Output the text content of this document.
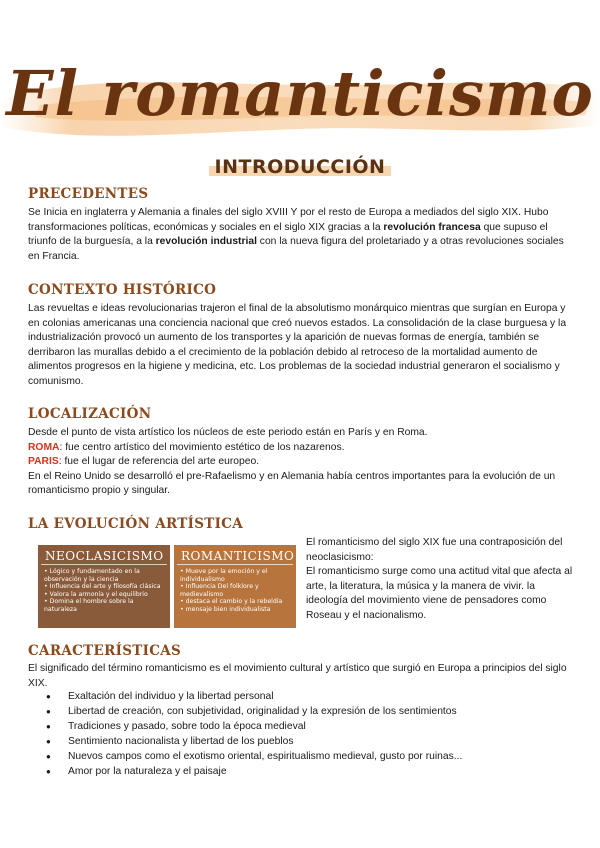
El romanticismo
INTRODUCCIÓN
PRECEDENTES
Se Inicia en inglaterra y Alemania a finales del siglo XVIII Y por el resto de Europa a mediados del siglo XIX. Hubo transformaciones políticas, económicas y sociales en el siglo XIX gracias a la revolución francesa que supuso el triunfo de la burguesía, a la revolución industrial con la nueva figura del proletariado y a otras revoluciones sociales en Francia.
CONTEXTO HISTÓRICO
Las revueltas e ideas revolucionarias trajeron el final de la absolutismo monárquico mientras que surgían en Europa y en colonias americanas una conciencia nacional que creó nuevos estados. La consolidación de la clase burguesa y la industrialización provocó un aumento de los transportes y la aparición de nuevas formas de energía, también se derribaron las murallas debido a el crecimiento de la población debido al retroceso de la mortalidad aumento de alimentos progresos en la higiene y medicina, etc. Los problemas de la sociedad industrial generaron el socialismo y comunismo.
LOCALIZACIÓN
Desde el punto de vista artístico los núcleos de este periodo están en París y en Roma.
ROMA: fue centro artístico del movimiento estético de los nazarenos.
PARIS: fue el lugar de referencia del arte europeo.
En el Reino Unido se desarrolló el pre-Rafaelismo y en Alemania había centros importantes para la evolución de un romanticismo propio y singular.
LA EVOLUCIÓN ARTÍSTICA
NEOCLASICISMO
• Lógico y fundamentado en la
observación y la ciencia
• Influencia del arte y filosofía clásica
• Valora la armonía y el equilibrio
• Domina el hombre sobre la
naturaleza
ROMANTICISMO
• Mueve por la emoción y el
individualismo
• Influencia Del folklore y
medievalismo
• destaca el cambio y la rebeldía
• mensaje bien individualista
El romanticismo del siglo XIX fue una contraposición del neoclasicismo:
El romanticismo surge como una actitud vital que afecta al arte, la literatura, la música y la manera de vivir. la ideología del movimiento viene de pensadores como Roseau y el nacionalismo.
CARACTERÍSTICAS
El significado del término romanticismo es el movimiento cultural y artístico que surgió en Europa a principios del siglo XIX.
● Exaltación del individuo y la libertad personal
● Libertad de creación, con subjetividad, originalidad y la expresión de los sentimientos
● Tradiciones y pasado, sobre todo la época medieval
● Sentimiento nacionalista y libertad de los pueblos
● Nuevos campos como el exotismo oriental, espiritualismo medieval, gusto por ruinas...
● Amor por la naturaleza y el paisaje
